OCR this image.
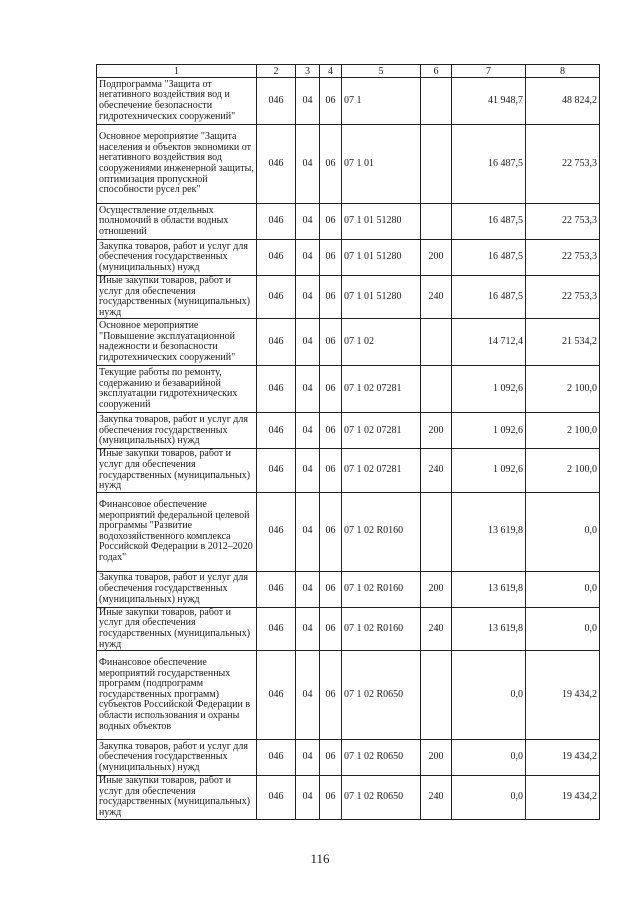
1	2	3	4	5	6	7	8
Подпрограмма "Защита от негативного воздействия вод и обеспечение безопасности гидротехнических сооружений"	046	04	06	07 1		41 948,7	48 824,2
Основное мероприятие "Защита населения и объектов экономики от негативного воздействия вод сооружениями инженерной защиты, оптимизация пропускной способности русел рек"	046	04	06	07 1 01		16 487,5	22 753,3
Осуществление отдельных полномочий в области водных отношений	046	04	06	07 1 01 51280		16 487,5	22 753,3
Закупка товаров, работ и услуг для обеспечения государственных (муниципальных) нужд	046	04	06	07 1 01 51280	200	16 487,5	22 753,3
Иные закупки товаров, работ и услуг для обеспечения государственных (муниципальных) нужд	046	04	06	07 1 01 51280	240	16 487,5	22 753,3
Основное мероприятие "Повышение эксплуатационной надежности и безопасности гидротехнических сооружений"	046	04	06	07 1 02		14 712,4	21 534,2
Текущие работы по ремонту, содержанию и безаварийной эксплуатации гидротехнических сооружений	046	04	06	07 1 02 07281		1 092,6	2 100,0
Закупка товаров, работ и услуг для обеспечения государственных (муниципальных) нужд	046	04	06	07 1 02 07281	200	1 092,6	2 100,0
Иные закупки товаров, работ и услуг для обеспечения государственных (муниципальных) нужд	046	04	06	07 1 02 07281	240	1 092,6	2 100,0
Финансовое обеспечение мероприятий федеральной целевой программы "Развитие водохозяйственного комплекса Российской Федерации в 2012–2020 годах"	046	04	06	07 1 02 R0160		13 619,8	0,0
Закупка товаров, работ и услуг для обеспечения государственных (муниципальных) нужд	046	04	06	07 1 02 R0160	200	13 619,8	0,0
Иные закупки товаров, работ и услуг для обеспечения государственных (муниципальных) нужд	046	04	06	07 1 02 R0160	240	13 619,8	0,0
Финансовое обеспечение мероприятий государственных программ (подпрограмм государственных программ) субъектов Российской Федерации в области использования и охраны водных объектов	046	04	06	07 1 02 R0650		0,0	19 434,2
Закупка товаров, работ и услуг для обеспечения государственных (муниципальных) нужд	046	04	06	07 1 02 R0650	200	0,0	19 434,2
Иные закупки товаров, работ и услуг для обеспечения государственных (муниципальных) нужд	046	04	06	07 1 02 R0650	240	0,0	19 434,2
116
